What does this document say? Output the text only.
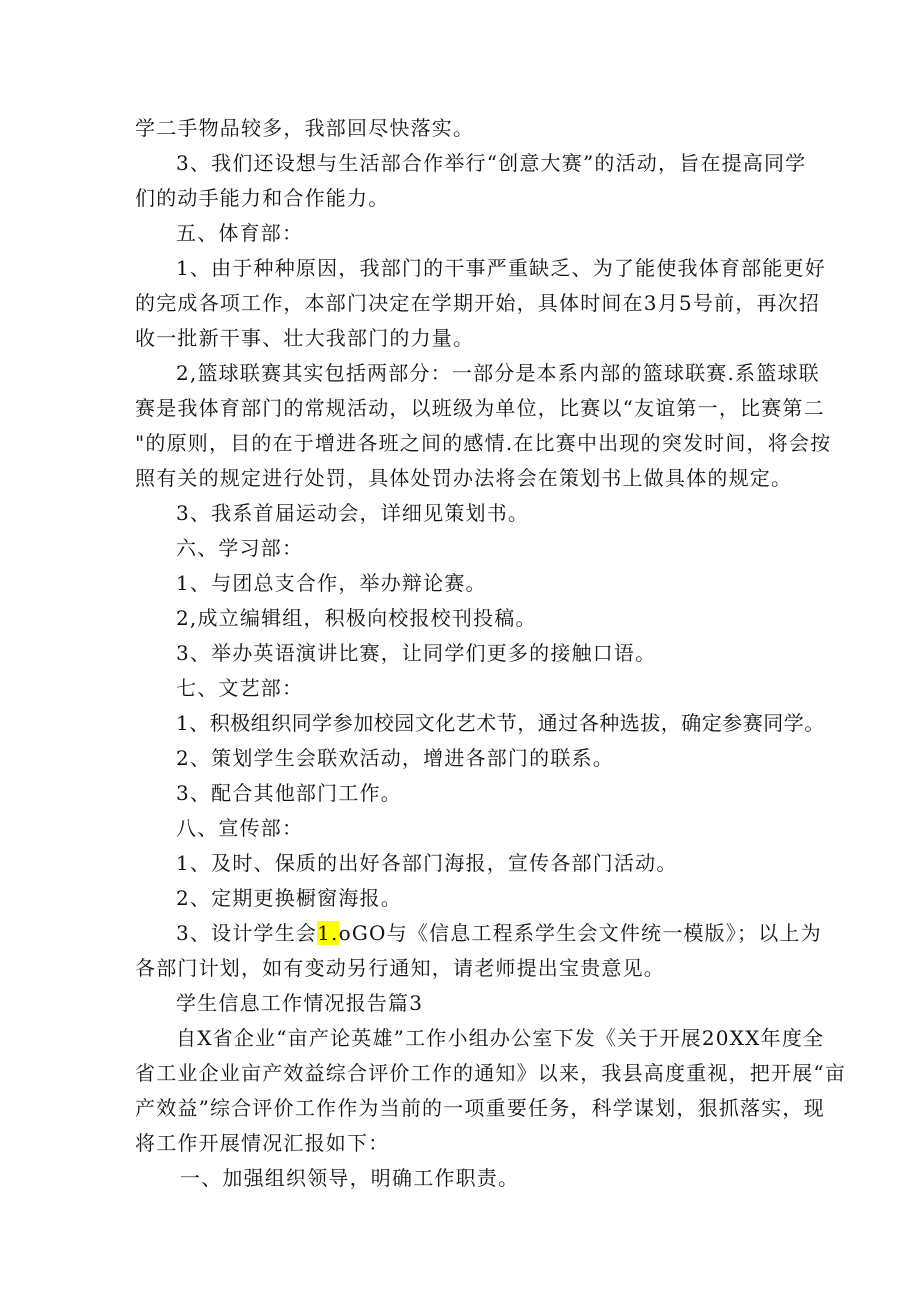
学二手物品较多，我部回尽快落实。
3、我们还设想与生活部合作举行“创意大赛”的活动，旨在提高同学
们的动手能力和合作能力。
五、体育部：
1、由于种种原因，我部门的干事严重缺乏、为了能使我体育部能更好
的完成各项工作，本部门决定在学期开始，具体时间在3月5号前，再次招
收一批新干事、壮大我部门的力量。
2,篮球联赛其实包括两部分：一部分是本系内部的篮球联赛.系篮球联
赛是我体育部门的常规活动，以班级为单位，比赛以“友谊第一，比赛第二
"的原则，目的在于增进各班之间的感情.在比赛中出现的突发时间，将会按
照有关的规定进行处罚，具体处罚办法将会在策划书上做具体的规定。
3、我系首届运动会，详细见策划书。
六、学习部：
1、与团总支合作，举办辩论赛。
2,成立编辑组，积极向校报校刊投稿。
3、举办英语演讲比赛，让同学们更多的接触口语。
七、文艺部：
1、积极组织同学参加校园文化艺术节，通过各种选拔，确定参赛同学。
2、策划学生会联欢活动，增进各部门的联系。
3、配合其他部门工作。
八、宣传部：
1、及时、保质的出好各部门海报，宣传各部门活动。
2、定期更换橱窗海报。
3、设计学生会1.oGO与《信息工程系学生会文件统一模版》；以上为
各部门计划，如有变动另行通知，请老师提出宝贵意见。
学生信息工作情况报告篇3
自X省企业“亩产论英雄”工作小组办公室下发《关于开展20XX年度全
省工业企业亩产效益综合评价工作的通知》以来，我县高度重视，把开展“亩
产效益”综合评价工作作为当前的一项重要任务，科学谋划，狠抓落实，现
将工作开展情况汇报如下：
一、加强组织领导，明确工作职责。
